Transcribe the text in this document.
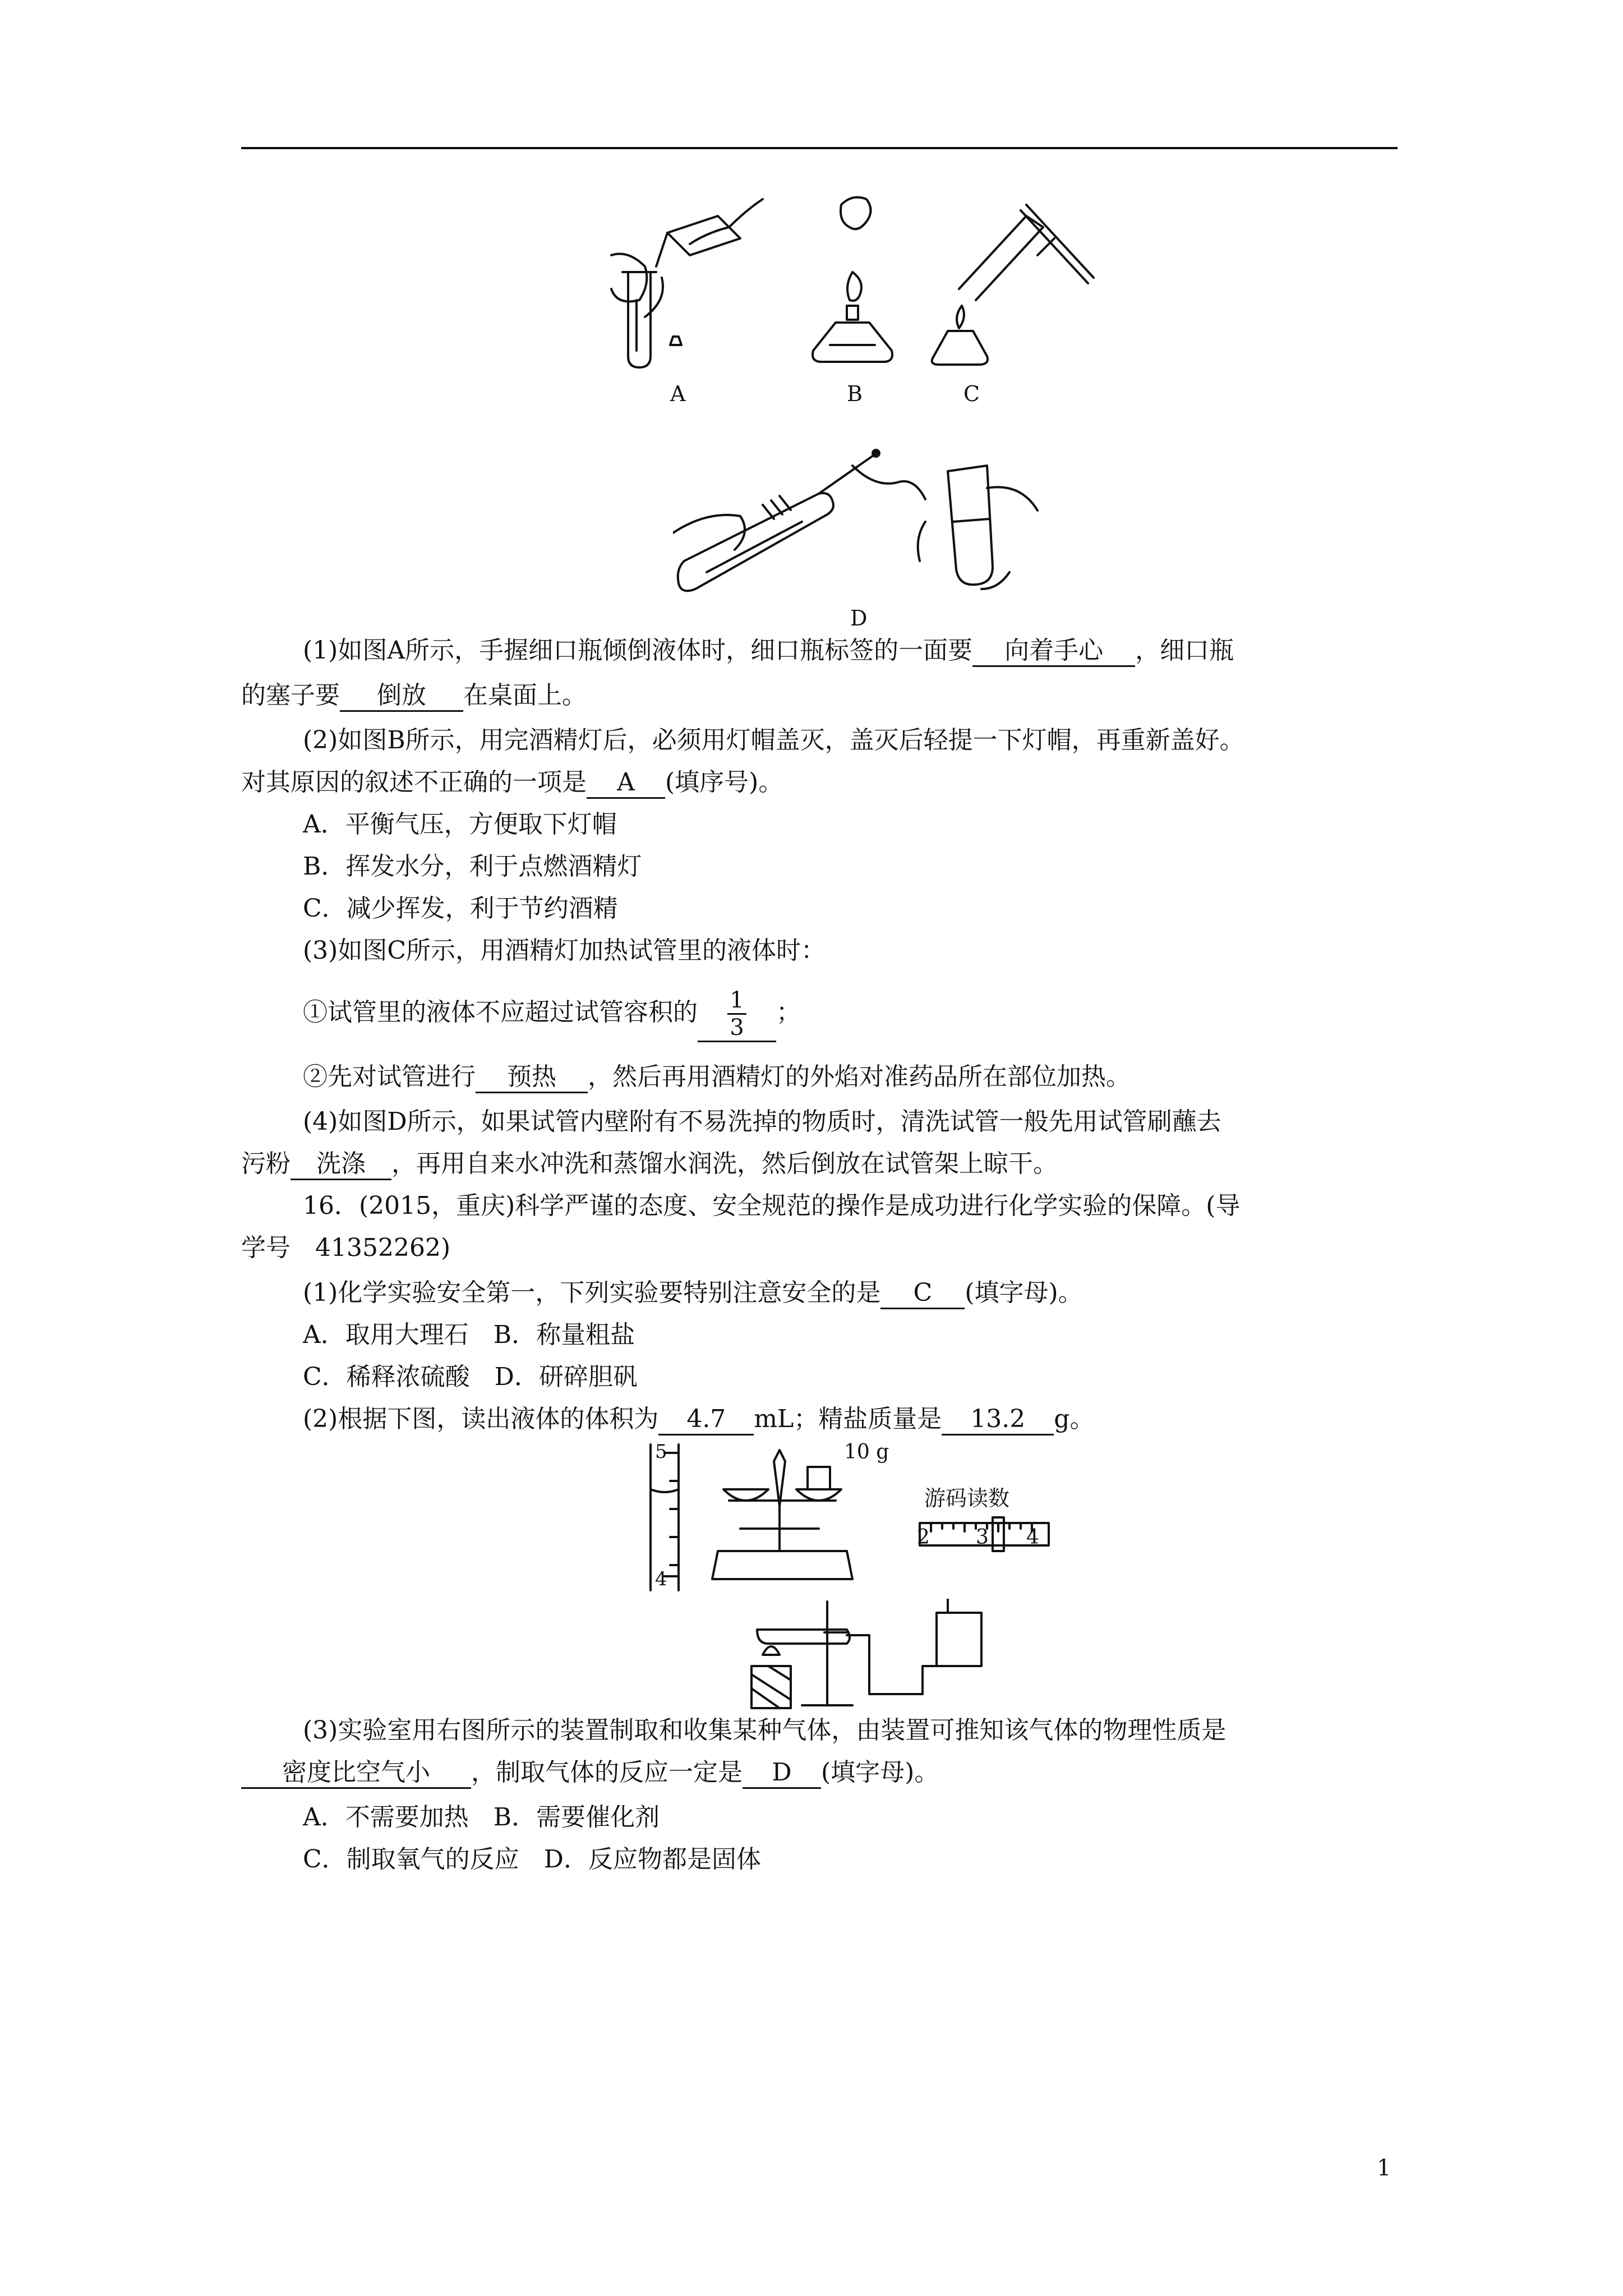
A	B	C
D
(1)如图A所示，手握细口瓶倾倒液体时，细口瓶标签的一面要 向着手心 ，细口瓶
的塞子要 倒放 在桌面上。
(2)如图B所示，用完酒精灯后，必须用灯帽盖灭，盖灭后轻提一下灯帽，再重新盖好。
对其原因的叙述不正确的一项是 A (填序号)。
A．平衡气压，方便取下灯帽
B．挥发水分，利于点燃酒精灯
C．减少挥发，利于节约酒精
(3)如图C所示，用酒精灯加热试管里的液体时：
①试管里的液体不应超过试管容积的 $\frac{1}{3}$ ；
②先对试管进行 预热 ，然后再用酒精灯的外焰对准药品所在部位加热。
(4)如图D所示，如果试管内壁附有不易洗掉的物质时，清洗试管一般先用试管刷蘸去
污粉 洗涤 ，再用自来水冲洗和蒸馏水润洗，然后倒放在试管架上晾干。
16．(2015，重庆)科学严谨的态度、安全规范的操作是成功进行化学实验的保障。(导
学号　41352262)
(1)化学实验安全第一，下列实验要特别注意安全的是 C (填字母)。
A．取用大理石　B．称量粗盐
C．稀释浓硫酸　D．研碎胆矾
(2)根据下图，读出液体的体积为 4.7 mL；精盐质量是 13.2 g。
5
4
10 g
游码读数
2 3 4
(3)实验室用右图所示的装置制取和收集某种气体，由装置可推知该气体的物理性质是
密度比空气小 ，制取气体的反应一定是 D (填字母)。
A．不需要加热　B．需要催化剂
C．制取氧气的反应　D．反应物都是固体
1
